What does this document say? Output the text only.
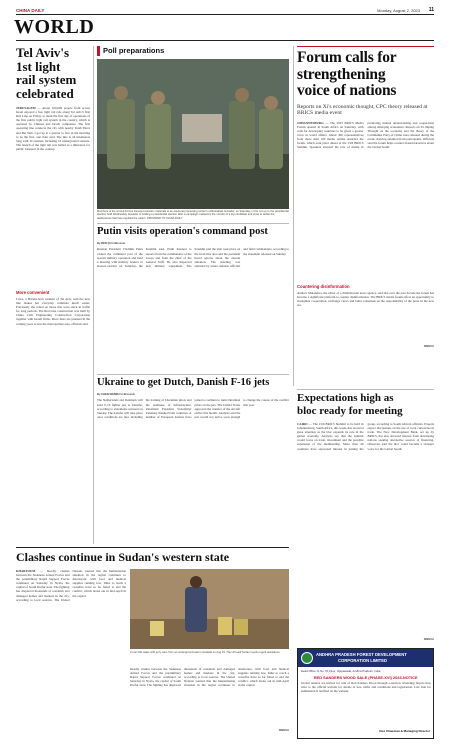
CHINA DAILY	Monday, August 2, 2023 11
WORLD
Tel Aviv's
1st light
rail system
celebrated
JERUSALEM — About 100,000 people from across Israel enjoyed a free light rail ride along Tel Aviv's first Red Line on Friday, to mark the first day of operations of the first public light rail system in the country, which is operated by Chinese and Israeli companies. The first operating line connects the city with nearby Petah Tikva and Bat Yam. I got up at a quarter to five in the morning to be the first, one rider said. The line is 24 kilometers long with 34 stations, including 10 underground stations. The launch of the light rail was hailed as a milestone for public transport in the country.
More convenient
Lowe, a Britain-born resident of Tel Aviv, said the new line makes her everyday commute much easier. Previously she relied on buses that were stuck in traffic for long periods. The Red Line construction was built by China Civil Engineering Construction Corporation together with Israeli firms. More lines are planned in the coming years across the metropolitan area, officials said.
Poll preparations
Members of the Armed Forces transport election materials at an electoral processing center in Abbottabad, Ecuador, on Saturday, in the run-up to the presidential election held Wednesday. Ecuador is holding a presidential election after a campaign marked by the murder of a top candidate and vows to tackle the lawlessness that has engulfed the nation. PROVIDED TO CHINA DAILY
Putin visits operation's command post
By REN QI in Moscow
Russian President Vladimir Putin visited the command post of the special military operation and held a meeting with military leaders in Rostov-on-Don on Saturday, the Kremlin said. Putin listened to reports from the commanders of the troops and from the chief of the General Staff. He also inspected new military equipment. The Kremlin said the visit took place on the front line area and the president heard reports about the current situation. The meeting was attended by senior defense officials and field commanders, according to the statement released on Sunday.
Ukraine to get Dutch, Danish F-16 jets
By CHEN WEIWEI in Brussels
The Netherlands and Denmark will send F-16 fighter jets to Ukraine, according to statements released on Sunday. The transfer will take place once conditions are met, including the training of Ukrainian pilots and the readiness of infrastructure. Ukrainian President Volodymyr Zelensky thanked both countries. A number of European nations have joined a coalition to train Ukrainian pilots on the jets. The United States approved the transfer of the aircraft earlier this month. Analysts said the jets would not arrive soon enough to change the course of the conflict this year.
Forum calls for
strengthening
voice of nations
Reports on Xi's economic thought, CPC theory released at BRICS media event
JOHANNESBURG — The 2023 BRICS Media Forum opened in South Africa on Saturday, with calls for developing countries to be given a greater voice in world affairs. About 300 representatives from more than 100 media outlets attended the forum, which took place ahead of the 15th BRICS Summit. Speakers stressed the role of media in promoting mutual understanding and cooperation among emerging economies. Reports on Xi Jinping Thought on the economy and the theory of the Communist Party of China were released during the event, drawing attention from participants. Officials said the forum helps counter biased narratives about the Global South.
Countering disinformation
Andrew Mutandwa, the editor of a Zimbabwean news agency, said that over the past decade the forum has become a significant platform to counter disinformation. The BRICS media forum offers an opportunity to strengthen cooperation, exchange views and build consensus on the responsibility of the press in the new era.
XINHUA
Expectations high as
bloc ready for meeting
CAIRO — The 15th BRICS Summit to be held in Johannesburg, South Africa, this week, has received great attention as the bloc expands its role in the global economy. Analysts say that the summit would focus on trade, investment and the possible expansion of the membership. More than 40 countries have expressed interest in joining the group, according to South African officials. Experts expect discussions on the use of local currencies in trade. The New Development Bank, set up by BRICS, has also attracted interest from developing nations seeking alternative sources of financing. Observers said the bloc could become a stronger voice for the Global South.
XINHUA
Clashes continue in Sudan's western state
KHARTOUM — Deadly clashes between the Sudanese Armed Forces and the paramilitary Rapid Support Forces continued on Saturday in Nyala, the capital of South Darfur state. The fighting has displaced thousands of residents and damaged homes and markets in the city, according to local sources. The United Nations warned that the humanitarian situation in the region continues to deteriorate, with food and medical supplies running low. Talks to reach a ceasefire have so far failed to end the conflict, which broke out in mid-April in the capital.
A man fills water with jerry cans from an underground well in Gedaref on Aug 19. The UN said Sudan needs urgent assistance.
Deadly clashes between the Sudanese Armed Forces and the paramilitary Rapid Support Forces continued on Saturday in Nyala, the capital of South Darfur state. The fighting has displaced thousands of residents and damaged homes and markets in the city, according to local sources. The United Nations warned that the humanitarian situation in the region continues to deteriorate, with food and medical supplies running low. Talks to reach a ceasefire have so far failed to end the conflict, which broke out in mid-April in the capital.
XINHUA
ANDHRA PRADESH FOREST DEVELOPMENT
CORPORATION LIMITED
Head Office: D.No 7th Floor, Vijayawada, Andhra Pradesh, India
RED SANDERS WOOD SALE (PHASE-XVI) 2023-NOTICE
Global tenders are invited for sale of Red Sanders Wood through e-auction. Intending buyers may refer to the official website for details of lots, terms and conditions and registration. Last date for submission is notified on the website.
Vice Chairman & Managing Director
